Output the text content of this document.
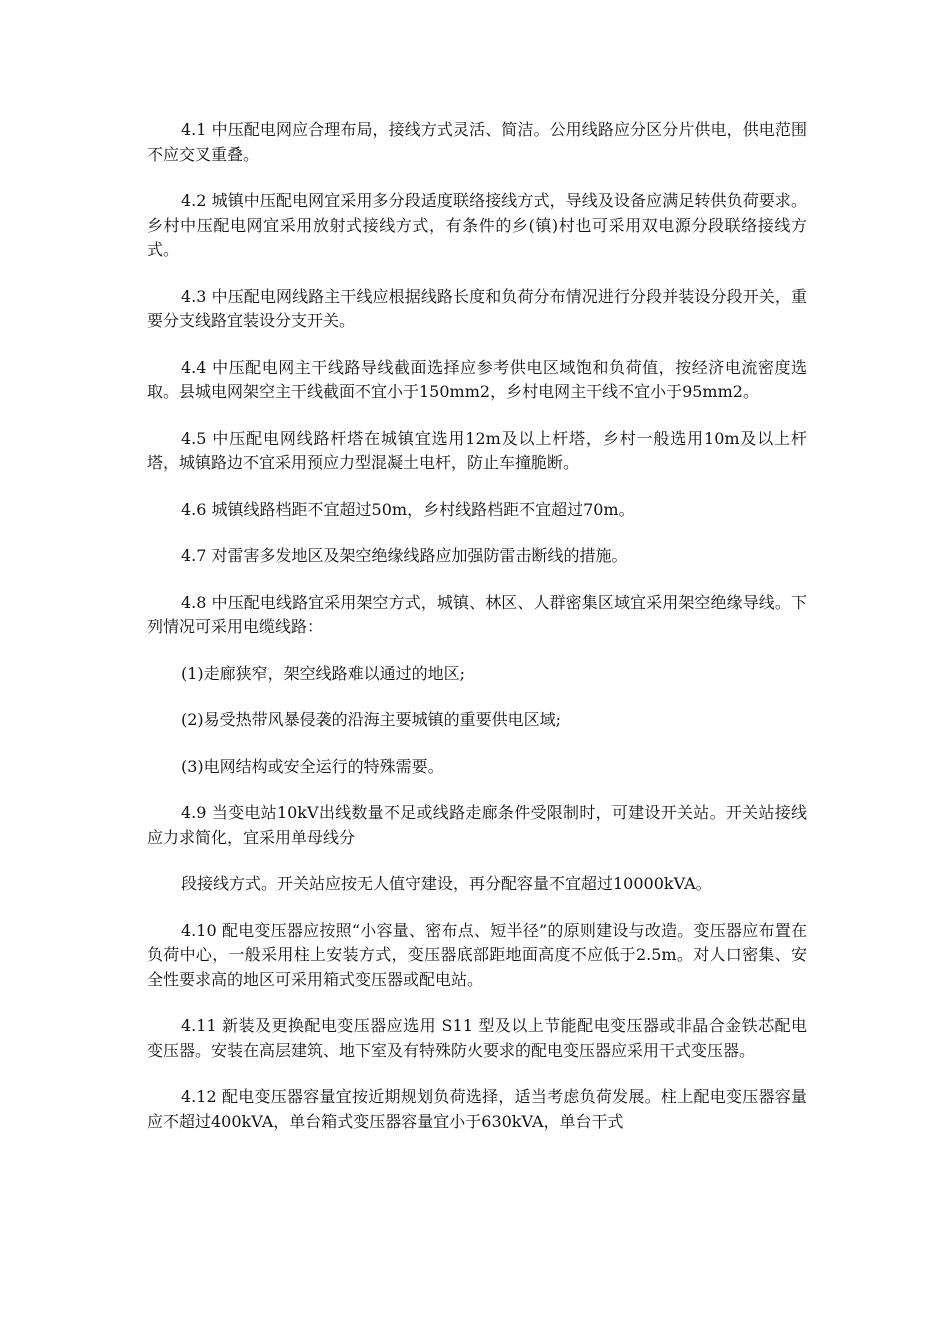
4.1 中压配电网应合理布局，接线方式灵活、简洁。公用线路应分区分片供电，供电范围不应交叉重叠。

4.2 城镇中压配电网宜采用多分段适度联络接线方式，导线及设备应满足转供负荷要求。乡村中压配电网宜采用放射式接线方式，有条件的乡(镇)村也可采用双电源分段联络接线方式。

4.3 中压配电网线路主干线应根据线路长度和负荷分布情况进行分段并装设分段开关，重要分支线路宜装设分支开关。

4.4 中压配电网主干线路导线截面选择应参考供电区域饱和负荷值，按经济电流密度选取。县城电网架空主干线截面不宜小于150mm2，乡村电网主干线不宜小于95mm2。

4.5 中压配电网线路杆塔在城镇宜选用12m及以上杆塔，乡村一般选用10m及以上杆塔，城镇路边不宜采用预应力型混凝土电杆，防止车撞脆断。

4.6 城镇线路档距不宜超过50m，乡村线路档距不宜超过70m。

4.7 对雷害多发地区及架空绝缘线路应加强防雷击断线的措施。

4.8 中压配电线路宜采用架空方式，城镇、林区、人群密集区域宜采用架空绝缘导线。下列情况可采用电缆线路：

(1)走廊狭窄，架空线路难以通过的地区;

(2)易受热带风暴侵袭的沿海主要城镇的重要供电区域;

(3)电网结构或安全运行的特殊需要。

4.9 当变电站10kV出线数量不足或线路走廊条件受限制时，可建设开关站。开关站接线应力求简化，宜采用单母线分

段接线方式。开关站应按无人值守建设，再分配容量不宜超过10000kVA。

4.10 配电变压器应按照“小容量、密布点、短半径”的原则建设与改造。变压器应布置在负荷中心，一般采用柱上安装方式，变压器底部距地面高度不应低于2.5m。对人口密集、安全性要求高的地区可采用箱式变压器或配电站。

4.11 新装及更换配电变压器应选用 S11 型及以上节能配电变压器或非晶合金铁芯配电变压器。安装在高层建筑、地下室及有特殊防火要求的配电变压器应采用干式变压器。

4.12 配电变压器容量宜按近期规划负荷选择，适当考虑负荷发展。柱上配电变压器容量应不超过400kVA，单台箱式变压器容量宜小于630kVA，单台干式
